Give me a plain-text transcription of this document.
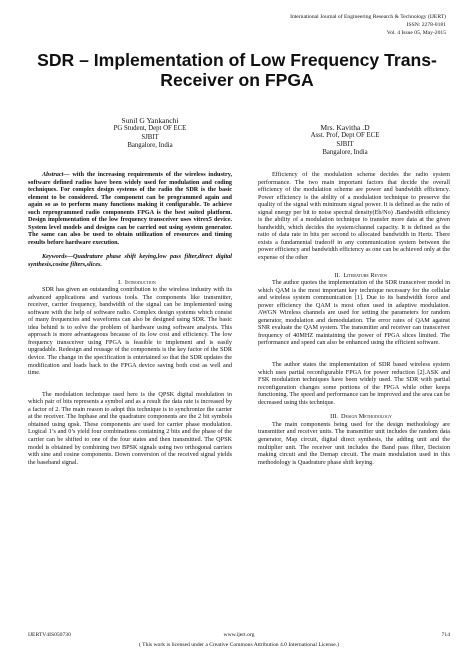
International Journal of Engineering Research & Technology (IJERT)
ISSN: 2278-0181
Vol. 4 Issue 05, May-2015
SDR – Implementation of Low Frequency Trans-
Receiver on FPGA
Sunil G Yankanchi
PG Student, Dept OF ECE
SJBIT
Bangalore, India
Mrs. Kavitha .D
Asst. Prof, Dept OF ECE
SJBIT
Bangalore, India

Abstract— with the increasing requirements of the wireless industry, software defined radios have been widely used for modulation and coding techniques. For complex design systems of the radio the SDR is the basic element to be considered. The component can be programmed again and again so as to perform many functions making it configurable. To achieve such reprogrammed radio components FPGA is the best suited platform. Design implementation of the low frequency transceiver uses vitrex5 device. System level models and designs can be carried out using system generator. The same can also be used to obtain utilization of resources and timing results before hardware execution.

Keywords—Quadrature phase shift keying,low pass filter,direct digital synthesis,cosine filters,slices.

I. Introduction

SDR has given an outstanding contribution to the wireless industry with its advanced applications and various tools. The components like transmitter, receiver, carrier frequency, bandwidth of the signal can be implemented using software with the help of software radio. Complex design systems which consist of many frequencies and waveforms can also be designed using SDR. The basic idea behind is to solve the problem of hardware using software analysis. This approach is more advantageous because of its low cost and efficiency. The low frequency transceiver using FPGA is feasible to implement and is easily upgradable. Redesign and reusage of the components is the key factor of the SDR device. The change in the specification is entertained so that the SDR updates the modification and loads back to the FPGA device saving both cost as well and time.

The modulation technique used here is the QPSK digital modulation in which pair of bits represents a symbol and as a result the data rate is increased by a factor of 2. The main reason to adopt this technique is to synchronize the carrier at the receiver. The Inphase and the quadrature components are the 2 bit symbols obtained using qpsk. These components are used for carrier phase modulation. Logical 1’s and 0’s yield four combinations containing 2 bits and the phase of the carrier can be shifted to one of the four states and then transmitted. The QPSK model is obtained by combining two BPSK signals using two orthogonal carriers with sine and cosine components. Down conversion of the received signal yields the baseband signal.

Efficiency of the modulation scheme decides the radio system performance. The two main important factors that decide the overall efficiency of the modulation scheme are power and bandwidth efficiency. Power efficiency is the ability of a modulation technique to preserve the quality of the signal with minimum signal power. It is defined as the ratio of signal energy per bit to noise spectral density(Eb/No) .Bandwidth efficiency is the ability of a modulation technique to transfer more data at the given bandwidth, which decides the system/channel capacity. It is defined as the ratio of data rate in bits per second to allocated bandwidth in Hertz. There exists a fundamental tradeoff in any communication system between the power efficiency and bandwidth efficiency as one can be achieved only at the expense of the other

II. Literature Review

The author quotes the implementation of the SDR transceiver model in which QAM is the most important key technique necessary for the cellular and wireless system communication [1]. Due to its bandwidth force and power efficiency the QAM is most often used in adaptive modulation. AWGN Wireless channels are used for setting the parameters for random generator, modulation and demodulation. The error rates of QAM against SNR evaluate the QAM system. The transmitter and receiver can transceiver frequency of 40MHZ maintaining the power of FPGA slices limited. The performance and speed can also be enhanced using the efficient software.

The author states the implementation of SDR based wireless system which uses partial reconfigurable FPGA for power reduction [2].ASK and FSK modulation techniques have been widely used. The SDR with partial reconfiguration changes some portions of the FPGA while other keeps functioning. The speed and performance can be improved and the area can be decreased using this technique.

III. Design Methodology

The main components being used for the design methodology are transmitter and receiver units. The transmitter unit includes the random data generator, Map circuit, digital direct synthesis, the adding unit and the multiplier unit. The receiver unit includes the Band pass filter, Decision making circuit and the Demap circuit. The main modulation used in this methodology is Quadrature phase shift keying.

IJERTV4IS050730	www.ijert.org	714
( This work is licensed under a Creative Commons Attribution 4.0 International License.)
